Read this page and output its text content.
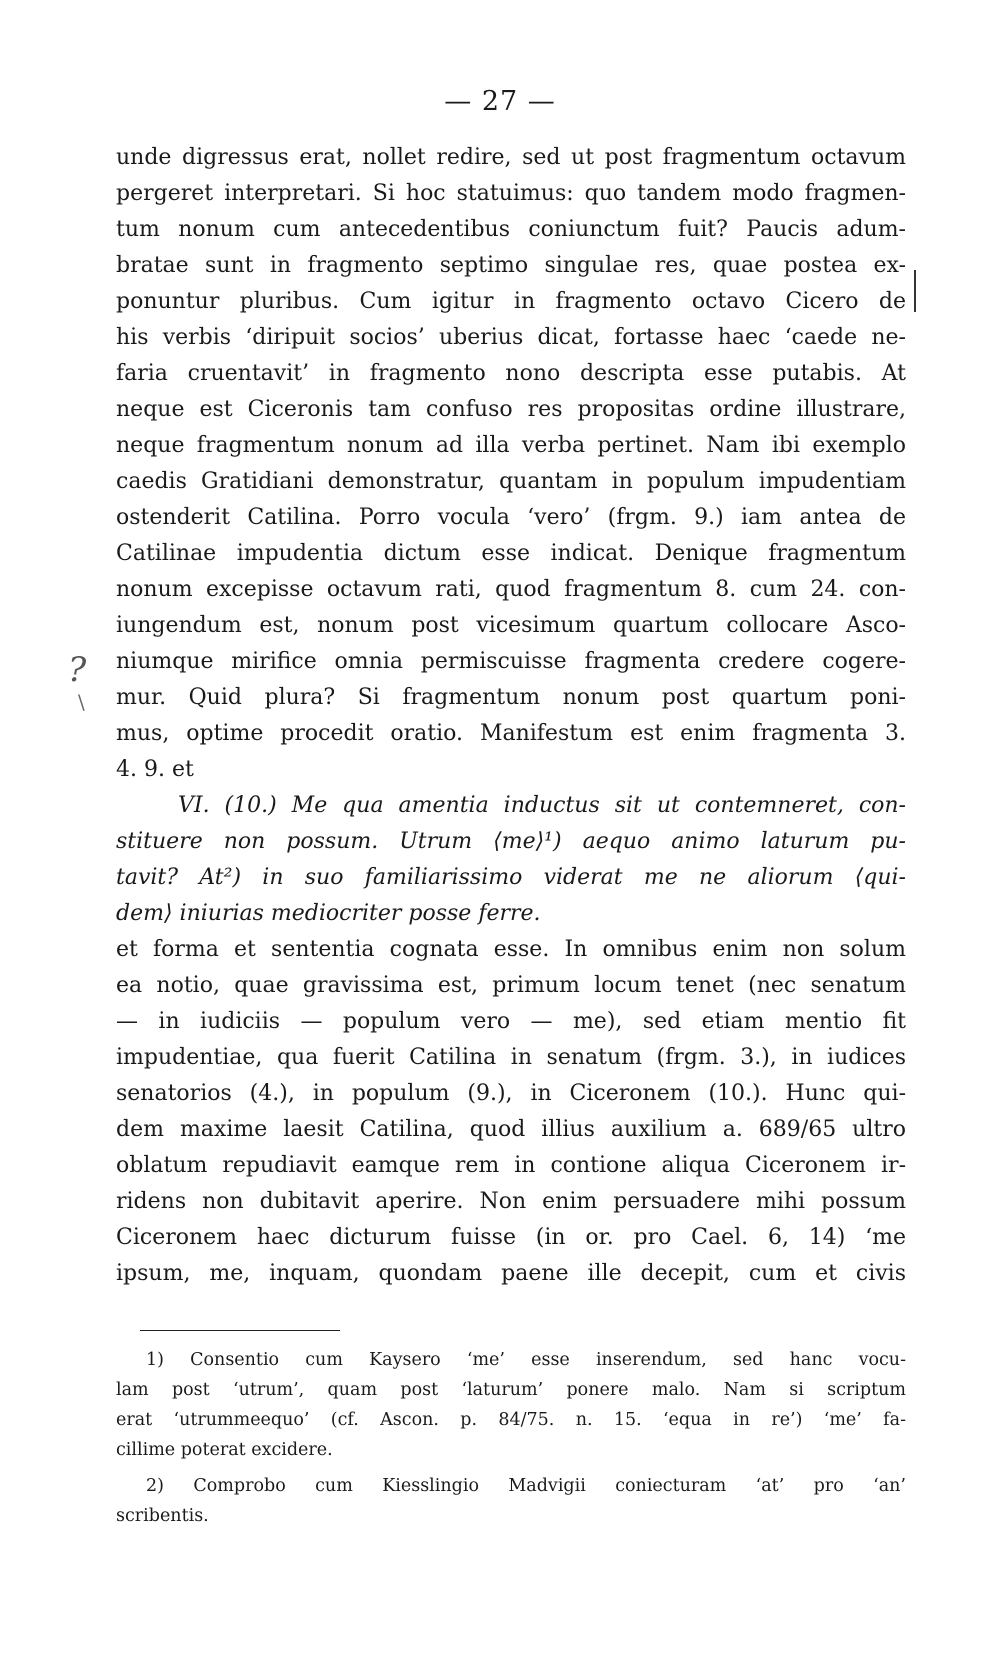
— 27 —
?
\
unde digressus erat, nollet redire, sed ut post fragmentum octavum
pergeret interpretari. Si hoc statuimus: quo tandem modo fragmen-
tum nonum cum antecedentibus coniunctum fuit? Paucis adum-
bratae sunt in fragmento septimo singulae res, quae postea ex-
ponuntur pluribus. Cum igitur in fragmento octavo Cicero de
his verbis ‘diripuit socios’ uberius dicat, fortasse haec ‘caede ne-
faria cruentavit’ in fragmento nono descripta esse putabis. At
neque est Ciceronis tam confuso res propositas ordine illustrare,
neque fragmentum nonum ad illa verba pertinet. Nam ibi exemplo
caedis Gratidiani demonstratur, quantam in populum impudentiam
ostenderit Catilina. Porro vocula ‘vero’ (frgm. 9.) iam antea de
Catilinae impudentia dictum esse indicat. Denique fragmentum
nonum excepisse octavum rati, quod fragmentum 8. cum 24. con-
iungendum est, nonum post vicesimum quartum collocare Asco-
niumque mirifice omnia permiscuisse fragmenta credere cogere-
mur. Quid plura? Si fragmentum nonum post quartum poni-
mus, optime procedit oratio. Manifestum est enim fragmenta 3.
4. 9. et
VI. (10.) Me qua amentia inductus sit ut contemneret, con-
stituere non possum. Utrum ⟨me⟩¹) aequo animo laturum pu-
tavit? At²) in suo familiarissimo viderat me ne aliorum ⟨qui-
dem⟩ iniurias mediocriter posse ferre.
et forma et sententia cognata esse. In omnibus enim non solum
ea notio, quae gravissima est, primum locum tenet (nec senatum
— in iudiciis — populum vero — me), sed etiam mentio fit
impudentiae, qua fuerit Catilina in senatum (frgm. 3.), in iudices
senatorios (4.), in populum (9.), in Ciceronem (10.). Hunc qui-
dem maxime laesit Catilina, quod illius auxilium a. 689/65 ultro
oblatum repudiavit eamque rem in contione aliqua Ciceronem ir-
ridens non dubitavit aperire. Non enim persuadere mihi possum
Ciceronem haec dicturum fuisse (in or. pro Cael. 6, 14) ‘me
ipsum, me, inquam, quondam paene ille decepit, cum et civis
1) Consentio cum Kaysero ‘me’ esse inserendum, sed hanc vocu-
lam post ‘utrum’, quam post ‘laturum’ ponere malo. Nam si scriptum
erat ‘utrummeequo’ (cf. Ascon. p. 84/75. n. 15. ‘equa in re’) ‘me’ fa-
cillime poterat excidere.
2) Comprobo cum Kiesslingio Madvigii coniecturam ‘at’ pro ‘an’
scribentis.
